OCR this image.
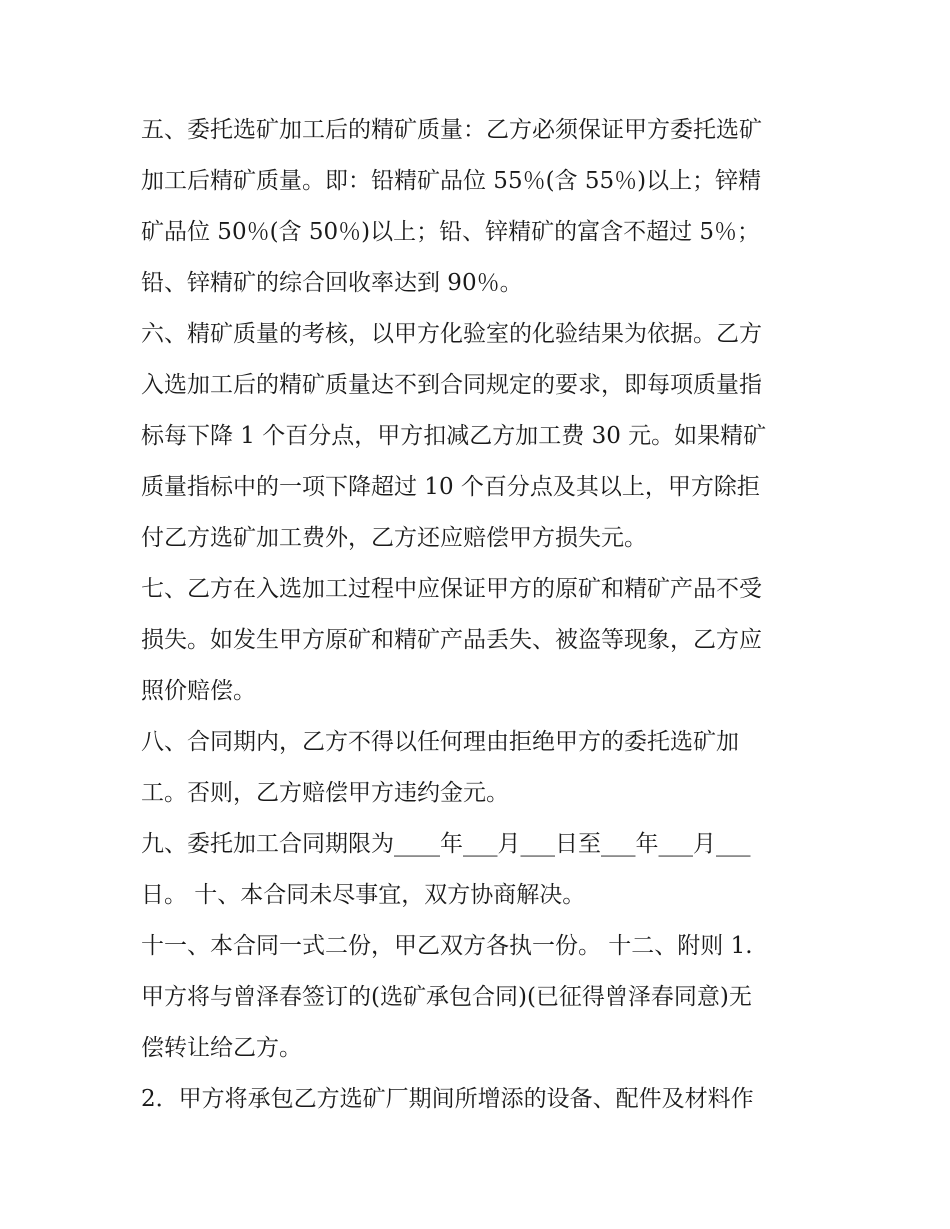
五、委托选矿加工后的精矿质量：乙方必须保证甲方委托选矿

加工后精矿质量。即：铅精矿品位 55％(含 55％)以上；锌精

矿品位 50％(含 50％)以上；铅、锌精矿的富含不超过 5％；

铅、锌精矿的综合回收率达到 90％。

六、精矿质量的考核，以甲方化验室的化验结果为依据。乙方

入选加工后的精矿质量达不到合同规定的要求，即每项质量指

标每下降 1 个百分点，甲方扣减乙方加工费 30 元。如果精矿

质量指标中的一项下降超过 10 个百分点及其以上，甲方除拒

付乙方选矿加工费外，乙方还应赔偿甲方损失元。

七、乙方在入选加工过程中应保证甲方的原矿和精矿产品不受

损失。如发生甲方原矿和精矿产品丢失、被盗等现象，乙方应

照价赔偿。

八、合同期内，乙方不得以任何理由拒绝甲方的委托选矿加

工。否则，乙方赔偿甲方违约金元。

九、委托加工合同期限为____年___月___日至___年___月___

日。 十、本合同未尽事宜，双方协商解决。

十一、本合同一式二份，甲乙双方各执一份。 十二、附则 1.

甲方将与曾泽春签订的(选矿承包合同)(已征得曾泽春同意)无

偿转让给乙方。

2．甲方将承包乙方选矿厂期间所增添的设备、配件及材料作
